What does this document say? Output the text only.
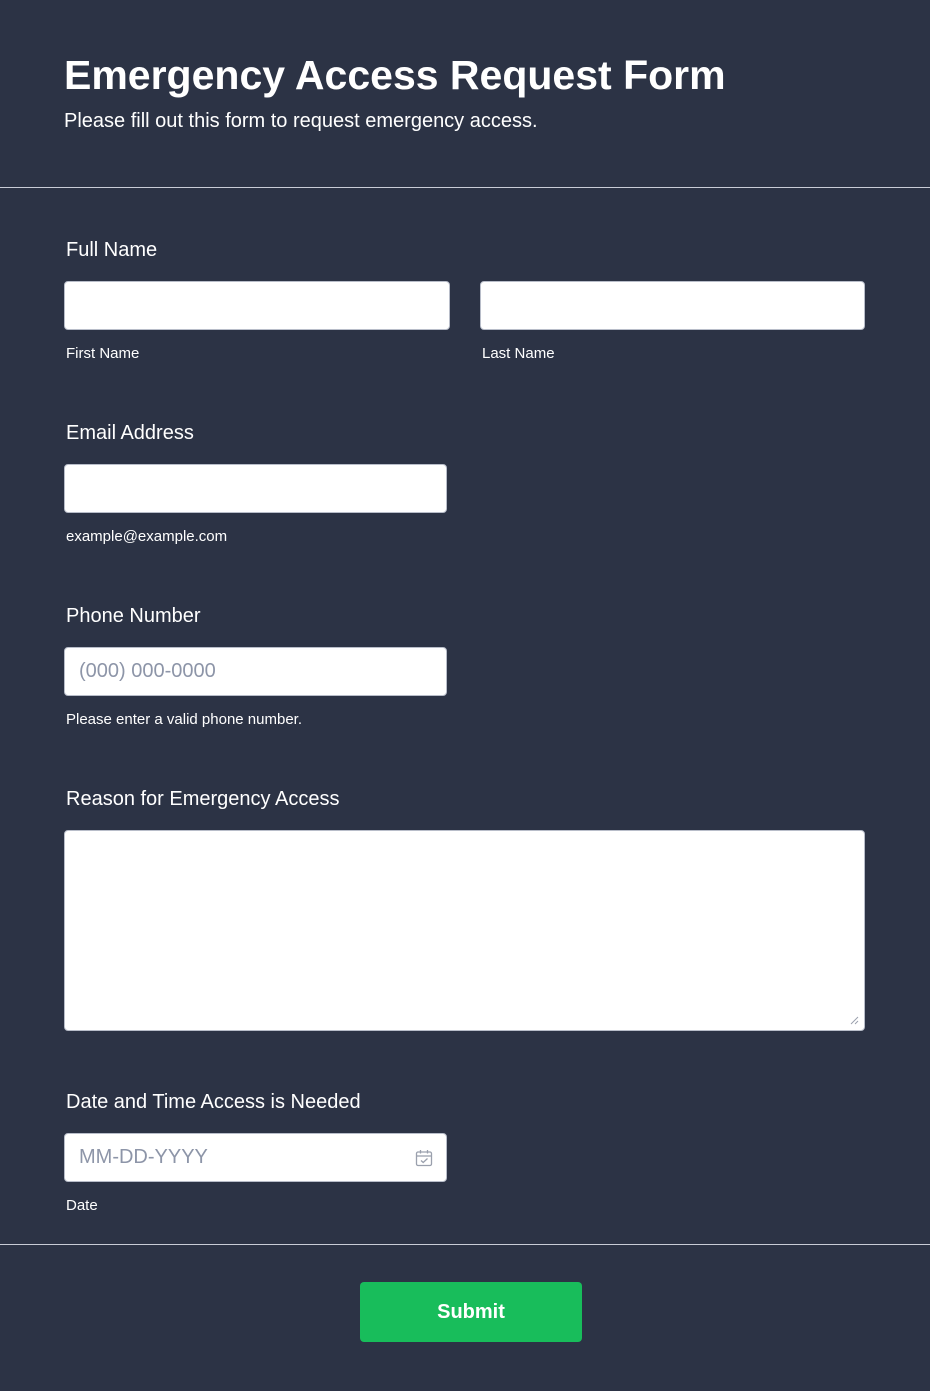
Emergency Access Request Form
Please fill out this form to request emergency access.
Full Name
First Name	Last Name
Email Address
example@example.com
Phone Number
(000) 000-0000
Please enter a valid phone number.
Reason for Emergency Access
Date and Time Access is Needed
MM-DD-YYYY
Date
Submit
